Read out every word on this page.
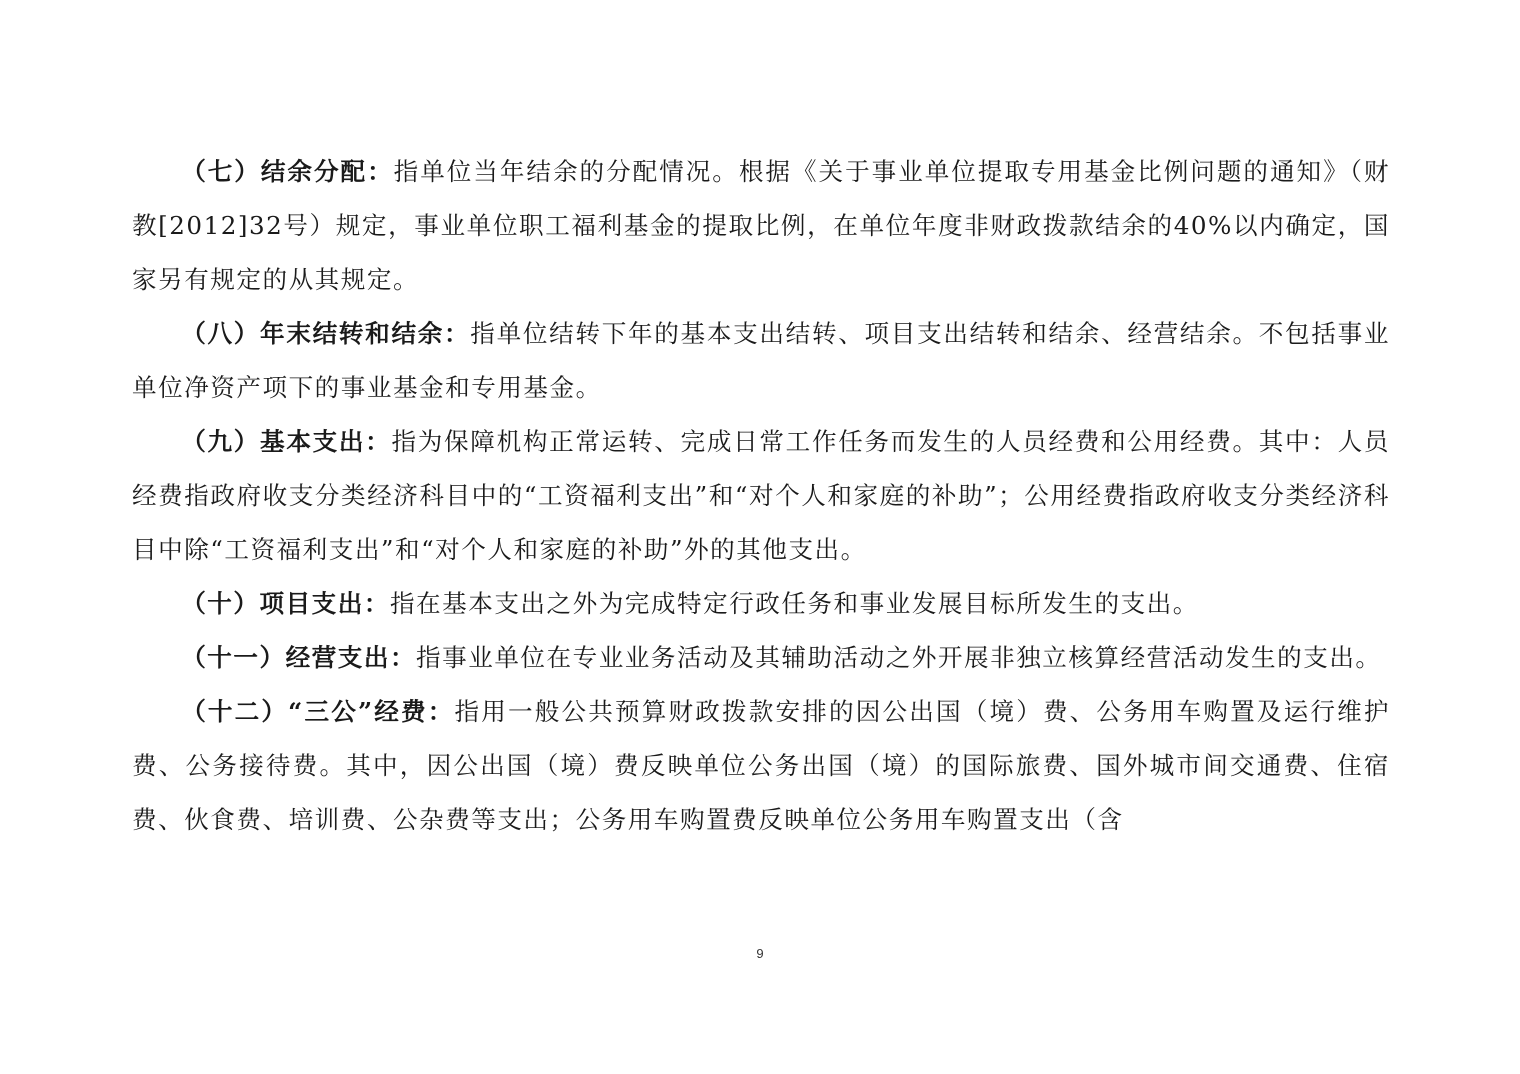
（七）结余分配：指单位当年结余的分配情况。根据《关于事业单位提取专用基金比例问题的通知》（财教[2012]32号）规定，事业单位职工福利基金的提取比例，在单位年度非财政拨款结余的40%以内确定，国家另有规定的从其规定。

（八）年末结转和结余：指单位结转下年的基本支出结转、项目支出结转和结余、经营结余。不包括事业单位净资产项下的事业基金和专用基金。

（九）基本支出：指为保障机构正常运转、完成日常工作任务而发生的人员经费和公用经费。其中：人员经费指政府收支分类经济科目中的“工资福利支出”和“对个人和家庭的补助”；公用经费指政府收支分类经济科目中除“工资福利支出”和“对个人和家庭的补助”外的其他支出。

（十）项目支出：指在基本支出之外为完成特定行政任务和事业发展目标所发生的支出。

（十一）经营支出：指事业单位在专业业务活动及其辅助活动之外开展非独立核算经营活动发生的支出。

（十二）“三公”经费：指用一般公共预算财政拨款安排的因公出国（境）费、公务用车购置及运行维护费、公务接待费。其中，因公出国（境）费反映单位公务出国（境）的国际旅费、国外城市间交通费、住宿费、伙食费、培训费、公杂费等支出；公务用车购置费反映单位公务用车购置支出（含

9
